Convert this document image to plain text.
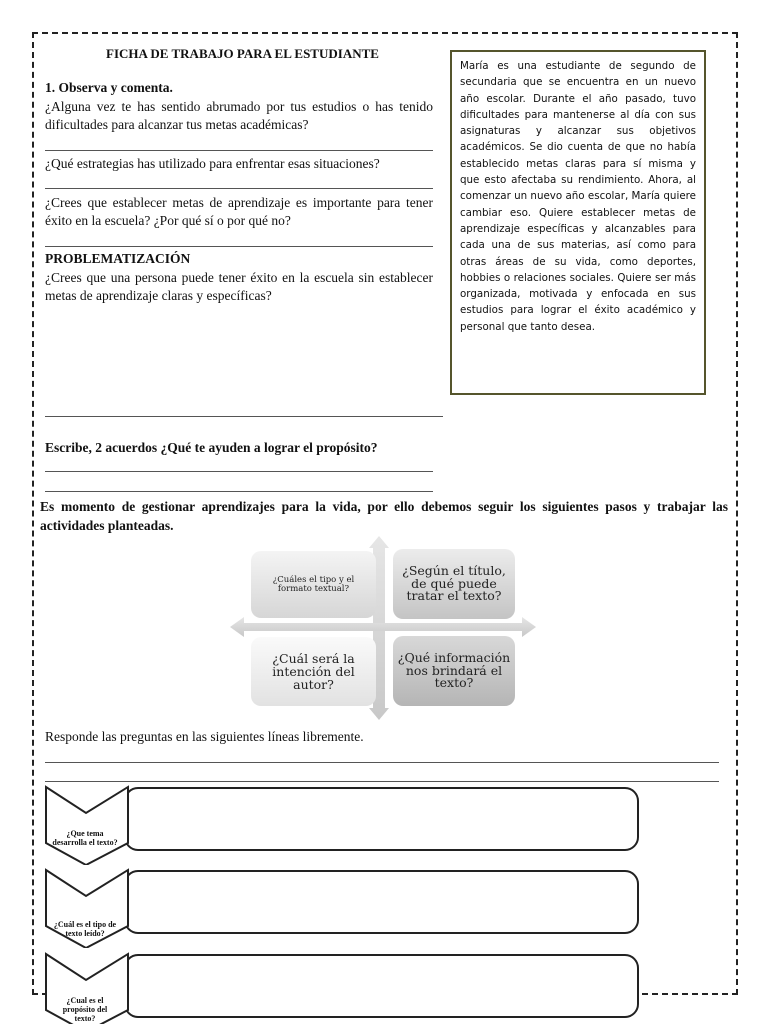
FICHA DE TRABAJO PARA EL ESTUDIANTE
1. Observa y comenta.
¿Alguna vez te has sentido abrumado por tus estudios o has tenido dificultades para alcanzar tus metas académicas?
¿Qué estrategias has utilizado para enfrentar esas situaciones?
¿Crees que establecer metas de aprendizaje es importante para tener éxito en la escuela? ¿Por qué sí o por qué no?
PROBLEMATIZACIÓN
¿Crees que una persona puede tener éxito en la escuela sin establecer metas de aprendizaje claras y específicas?
María es una estudiante de segundo de secundaria que se encuentra en un nuevo año escolar. Durante el año pasado, tuvo dificultades para mantenerse al día con sus asignaturas y alcanzar sus objetivos académicos. Se dio cuenta de que no había establecido metas claras para sí misma y que esto afectaba su rendimiento. Ahora, al comenzar un nuevo año escolar, María quiere cambiar eso. Quiere establecer metas de aprendizaje específicas y alcanzables para cada una de sus materias, así como para otras áreas de su vida, como deportes, hobbies o relaciones sociales. Quiere ser más organizada, motivada y enfocada en sus estudios para lograr el éxito académico y personal que tanto desea.
Escribe, 2 acuerdos ¿Qué te ayuden a lograr el propósito?
Es momento de gestionar aprendizajes para la vida, por ello debemos seguir los siguientes pasos y trabajar las actividades planteadas.
¿Cuáles el tipo y el formato textual?
¿Según el título, de qué puede tratar el texto?
¿Cuál será la intención del autor?
¿Qué información nos brindará el texto?
Responde las preguntas en las siguientes líneas libremente.
¿Que tema desarrolla el texto?
¿Cuál es el tipo de texto leído?
¿Cual es el propósito del texto?
